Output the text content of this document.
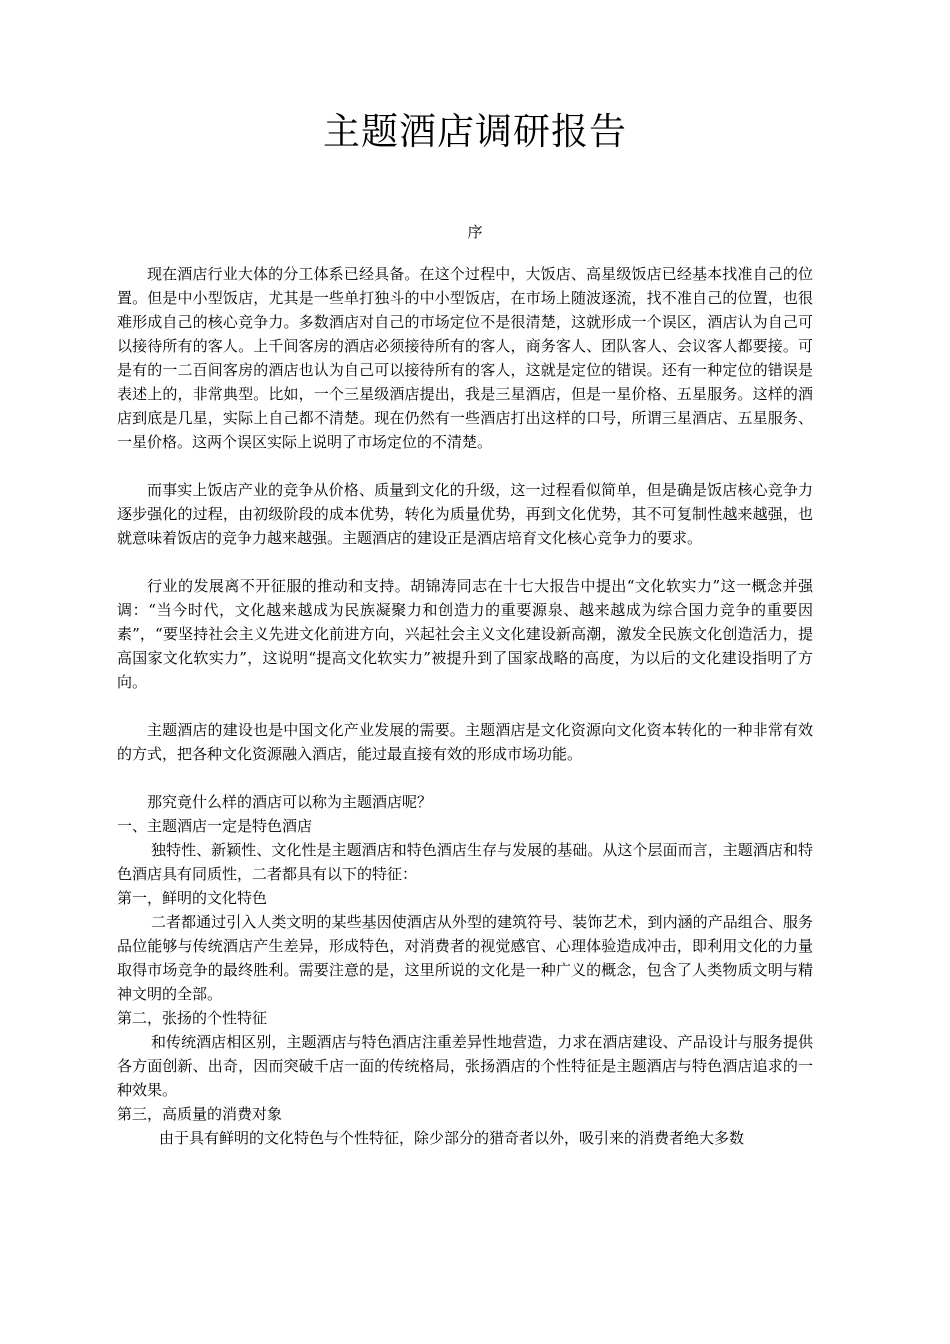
主题酒店调研报告
序

现在酒店行业大体的分工体系已经具备。在这个过程中，大饭店、高星级饭店已经基本找准自己的位置。但是中小型饭店，尤其是一些单打独斗的中小型饭店，在市场上随波逐流，找不准自己的位置，也很难形成自己的核心竞争力。多数酒店对自己的市场定位不是很清楚，这就形成一个误区，酒店认为自己可以接待所有的客人。上千间客房的酒店必须接待所有的客人，商务客人、团队客人、会议客人都要接。可是有的一二百间客房的酒店也认为自己可以接待所有的客人，这就是定位的错误。还有一种定位的错误是表述上的，非常典型。比如，一个三星级酒店提出，我是三星酒店，但是一星价格、五星服务。这样的酒店到底是几星，实际上自己都不清楚。现在仍然有一些酒店打出这样的口号，所谓三星酒店、五星服务、一星价格。这两个误区实际上说明了市场定位的不清楚。

而事实上饭店产业的竞争从价格、质量到文化的升级，这一过程看似简单，但是确是饭店核心竞争力逐步强化的过程，由初级阶段的成本优势，转化为质量优势，再到文化优势，其不可复制性越来越强，也就意味着饭店的竞争力越来越强。主题酒店的建设正是酒店培育文化核心竞争力的要求。

行业的发展离不开征服的推动和支持。胡锦涛同志在十七大报告中提出“文化软实力”这一概念并强调：“当今时代，文化越来越成为民族凝聚力和创造力的重要源泉、越来越成为综合国力竞争的重要因素”，“要坚持社会主义先进文化前进方向，兴起社会主义文化建设新高潮，激发全民族文化创造活力，提高国家文化软实力”，这说明“提高文化软实力”被提升到了国家战略的高度，为以后的文化建设指明了方向。

主题酒店的建设也是中国文化产业发展的需要。主题酒店是文化资源向文化资本转化的一种非常有效的方式，把各种文化资源融入酒店，能过最直接有效的形成市场功能。

那究竟什么样的酒店可以称为主题酒店呢？

一、主题酒店一定是特色酒店

独特性、新颖性、文化性是主题酒店和特色酒店生存与发展的基础。从这个层面而言，主题酒店和特色酒店具有同质性，二者都具有以下的特征：

第一，鲜明的文化特色

二者都通过引入人类文明的某些基因使酒店从外型的建筑符号、装饰艺术，到内涵的产品组合、服务品位能够与传统酒店产生差异，形成特色，对消费者的视觉感官、心理体验造成冲击，即利用文化的力量取得市场竞争的最终胜利。需要注意的是，这里所说的文化是一种广义的概念，包含了人类物质文明与精神文明的全部。

第二，张扬的个性特征

和传统酒店相区别，主题酒店与特色酒店注重差异性地营造，力求在酒店建设、产品设计与服务提供各方面创新、出奇，因而突破千店一面的传统格局，张扬酒店的个性特征是主题酒店与特色酒店追求的一种效果。

第三，高质量的消费对象

由于具有鲜明的文化特色与个性特征，除少部分的猎奇者以外，吸引来的消费者绝大多数
